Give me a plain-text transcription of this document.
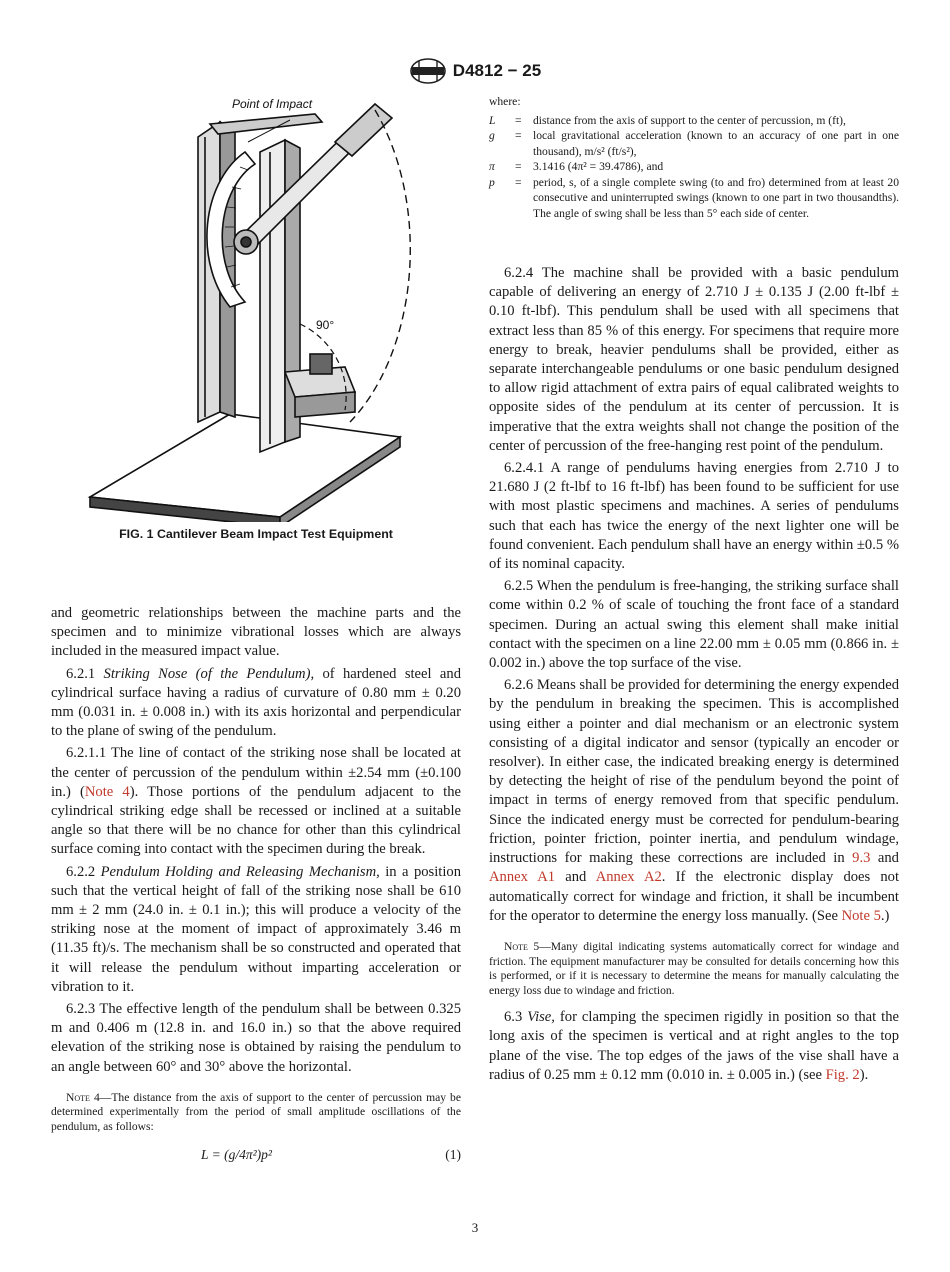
D4812 − 25
Point of Impact
90°
FIG. 1 Cantilever Beam Impact Test Equipment
where:
L	= distance from the axis of support to the center of percussion, m (ft),
g	= local gravitational acceleration (known to an accuracy of one part in one thousand), m/s² (ft/s²),
π	= 3.1416 (4π² = 39.4786), and
p	= period, s, of a single complete swing (to and fro) determined from at least 20 consecutive and uninterrupted swings (known to one part in two thousandths). The angle of swing shall be less than 5° each side of center.

and geometric relationships between the machine parts and the specimen and to minimize vibrational losses which are always included in the measured impact value.

6.2.1 Striking Nose (of the Pendulum), of hardened steel and cylindrical surface having a radius of curvature of 0.80 mm ± 0.20 mm (0.031 in. ± 0.008 in.) with its axis horizontal and perpendicular to the plane of swing of the pendulum.

6.2.1.1 The line of contact of the striking nose shall be located at the center of percussion of the pendulum within ±2.54 mm (±0.100 in.) (Note 4). Those portions of the pendulum adjacent to the cylindrical striking edge shall be recessed or inclined at a suitable angle so that there will be no chance for other than this cylindrical surface coming into contact with the specimen during the break.

6.2.2 Pendulum Holding and Releasing Mechanism, in a position such that the vertical height of fall of the striking nose shall be 610 mm ± 2 mm (24.0 in. ± 0.1 in.); this will produce a velocity of the striking nose at the moment of impact of approximately 3.46 m (11.35 ft)/s. The mechanism shall be so constructed and operated that it will release the pendulum without imparting acceleration or vibration to it.

6.2.3 The effective length of the pendulum shall be between 0.325 m and 0.406 m (12.8 in. and 16.0 in.) so that the above required elevation of the striking nose is obtained by raising the pendulum to an angle between 60° and 30° above the horizontal.

Note 4—The distance from the axis of support to the center of percussion may be determined experimentally from the period of small amplitude oscillations of the pendulum, as follows:

L = (g/4π²)p²	(1)

6.2.4 The machine shall be provided with a basic pendulum capable of delivering an energy of 2.710 J ± 0.135 J (2.00 ft-lbf ± 0.10 ft-lbf). This pendulum shall be used with all specimens that extract less than 85 % of this energy. For specimens that require more energy to break, heavier pendulums shall be provided, either as separate interchangeable pendulums or one basic pendulum designed to allow rigid attachment of extra pairs of equal calibrated weights to opposite sides of the pendulum at its center of percussion. It is imperative that the extra weights shall not change the position of the center of percussion of the free-hanging rest point of the pendulum.

6.2.4.1 A range of pendulums having energies from 2.710 J to 21.680 J (2 ft-lbf to 16 ft-lbf) has been found to be sufficient for use with most plastic specimens and machines. A series of pendulums such that each has twice the energy of the next lighter one will be found convenient. Each pendulum shall have an energy within ±0.5 % of its nominal capacity.

6.2.5 When the pendulum is free-hanging, the striking surface shall come within 0.2 % of scale of touching the front face of a standard specimen. During an actual swing this element shall make initial contact with the specimen on a line 22.00 mm ± 0.05 mm (0.866 in. ± 0.002 in.) above the top surface of the vise.

6.2.6 Means shall be provided for determining the energy expended by the pendulum in breaking the specimen. This is accomplished using either a pointer and dial mechanism or an electronic system consisting of a digital indicator and sensor (typically an encoder or resolver). In either case, the indicated breaking energy is determined by detecting the height of rise of the pendulum beyond the point of impact in terms of energy removed from that specific pendulum. Since the indicated energy must be corrected for pendulum-bearing friction, pointer friction, pointer inertia, and pendulum windage, instructions for making these corrections are included in 9.3 and Annex A1 and Annex A2. If the electronic display does not automatically correct for windage and friction, it shall be incumbent for the operator to determine the energy loss manually. (See Note 5.)

Note 5—Many digital indicating systems automatically correct for windage and friction. The equipment manufacturer may be consulted for details concerning how this is performed, or if it is necessary to determine the means for manually calculating the energy loss due to windage and friction.

6.3 Vise, for clamping the specimen rigidly in position so that the long axis of the specimen is vertical and at right angles to the top plane of the vise. The top edges of the jaws of the vise shall have a radius of 0.25 mm ± 0.12 mm (0.010 in. ± 0.005 in.) (see Fig. 2).

3
